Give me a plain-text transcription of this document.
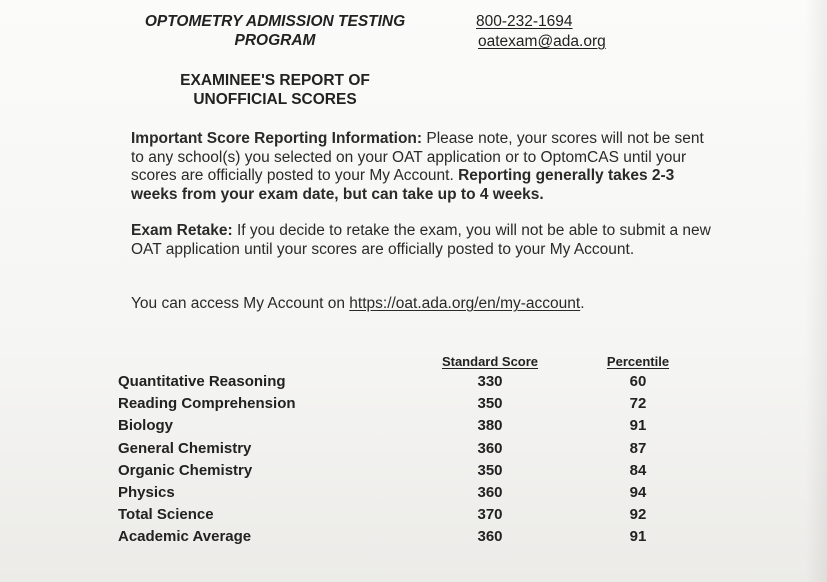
OPTOMETRY ADMISSION TESTING
PROGRAM
800-232-1694
oatexam@ada.org
EXAMINEE'S REPORT OF
UNOFFICIAL SCORES
Important Score Reporting Information: Please note, your scores will not be sent to any school(s) you selected on your OAT application or to OptomCAS until your scores are officially posted to your My Account. Reporting generally takes 2-3 weeks from your exam date, but can take up to 4 weeks.
Exam Retake: If you decide to retake the exam, you will not be able to submit a new OAT application until your scores are officially posted to your My Account.
You can access My Account on https://oat.ada.org/en/my-account.
Standard Score	Percentile
Quantitative Reasoning	330	60
Reading Comprehension	350	72
Biology	380	91
General Chemistry	360	87
Organic Chemistry	350	84
Physics	360	94
Total Science	370	92
Academic Average	360	91
